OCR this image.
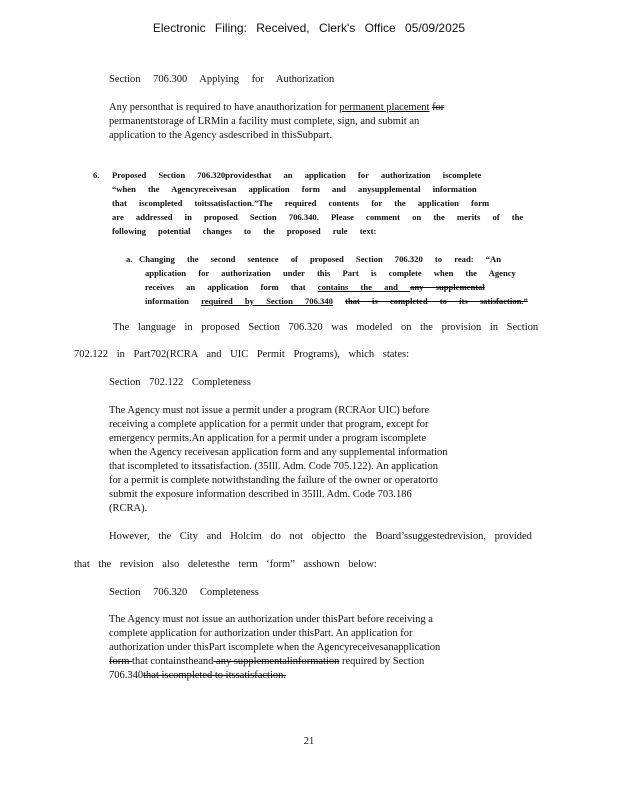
Electronic Filing: Received, Clerk's Office 05/09/2025
Section 706.300 Applying for Authorization
Any personthat is required to have anauthorization for permanent placement for
permanentstorage of LRMin a facility must complete, sign, and submit an
application to the Agency asdescribed in thisSubpart.
6. Proposed Section 706.320providesthat an application for authorization iscomplete
“when the Agencyreceivesan application form and anysupplemental information
that iscompleted toitssatisfaction.”The required contents for the application form
are addressed in proposed Section 706.340. Please comment on the merits of the
following potential changes to the proposed rule text:
a. Changing the second sentence of proposed Section 706.320 to read: “An
application for authorization under this Part is complete when the Agency
receives an application form that contains the and any supplemental
information required by Section 706.340 that is completed to its satisfaction.”
The language in proposed Section 706.320 was modeled on the provision in Section
702.122 in Part702(RCRA and UIC Permit Programs), which states:
Section 702.122 Completeness
The Agency must not issue a permit under a program (RCRAor UIC) before
receiving a complete application for a permit under that program, except for
emergency permits.An application for a permit under a program iscomplete
when the Agency receivesan application form and any supplemental information
that iscompleted to itssatisfaction. (35Ill. Adm. Code 705.122). An application
for a permit is complete notwithstanding the failure of the owner or operatorto
submit the exposure information described in 35Ill. Adm. Code 703.186
(RCRA).
However, the City and Holcim do not objectto the Board’ssuggestedrevision, provided
that the revision also deletesthe term ‘form” asshown below:
Section 706.320 Completeness
The Agency must not issue an authorization under thisPart before receiving a
complete application for authorization under thisPart. An application for
authorization under thisPart iscomplete when the Agencyreceivesanapplication
form that containstheand any supplementalinformation required by Section
706.340that iscompleted to itssatisfaction.
21
